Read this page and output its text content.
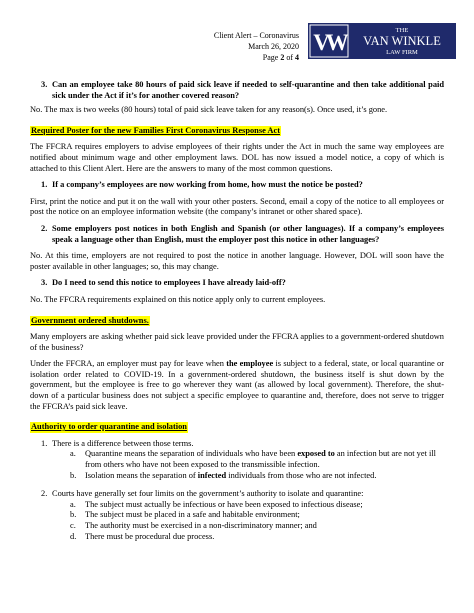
Client Alert – Coronavirus
March 26, 2020
Page 2 of 4
VW	THE
VAN WINKLE
LAW FIRM
3. Can an employee take 80 hours of paid sick leave if needed to self-quarantine and then take additional paid sick under the Act if it’s for another covered reason?

No. The max is two weeks (80 hours) total of paid sick leave taken for any reason(s). Once used, it’s gone.

Required Poster for the new Families First Coronavirus Response Act

The FFCRA requires employers to advise employees of their rights under the Act in much the same way employees are notified about minimum wage and other employment laws. DOL has now issued a model notice, a copy of which is attached to this Client Alert. Here are the answers to many of the most common questions.

1. If a company’s employees are now working from home, how must the notice be posted?

First, print the notice and put it on the wall with your other posters. Second, email a copy of the notice to all employees or post the notice on an employee information website (the company’s intranet or other shared space).

2. Some employers post notices in both English and Spanish (or other languages). If a company’s employees speak a language other than English, must the employer post this notice in other languages?

No. At this time, employers are not required to post the notice in another language. However, DOL will soon have the poster available in other languages; so, this may change.

3. Do I need to send this notice to employees I have already laid-off?

No. The FFCRA requirements explained on this notice apply only to current employees.

Government ordered shutdowns.

Many employers are asking whether paid sick leave provided under the FFCRA applies to a government-ordered shutdown of the business?

Under the FFCRA, an employer must pay for leave when the employee is subject to a federal, state, or local quarantine or isolation order related to COVID-19. In a government-ordered shutdown, the business itself is shut down by the government, but the employee is free to go wherever they want (as allowed by local government). Therefore, the shut-down of a particular business does not subject a specific employee to quarantine and, therefore, does not serve to trigger the FFCRA’s paid sick leave.

Authority to order quarantine and isolation
1. There is a difference between those terms.
a. Quarantine means the separation of individuals who have been exposed to an infection but are not yet ill from others who have not been exposed to the transmissible infection.
b. Isolation means the separation of infected individuals from those who are not infected.
2. Courts have generally set four limits on the government’s authority to isolate and quarantine:
a. The subject must actually be infectious or have been exposed to infectious disease;
b. The subject must be placed in a safe and habitable environment;
c. The authority must be exercised in a non-discriminatory manner; and
d. There must be procedural due process.
